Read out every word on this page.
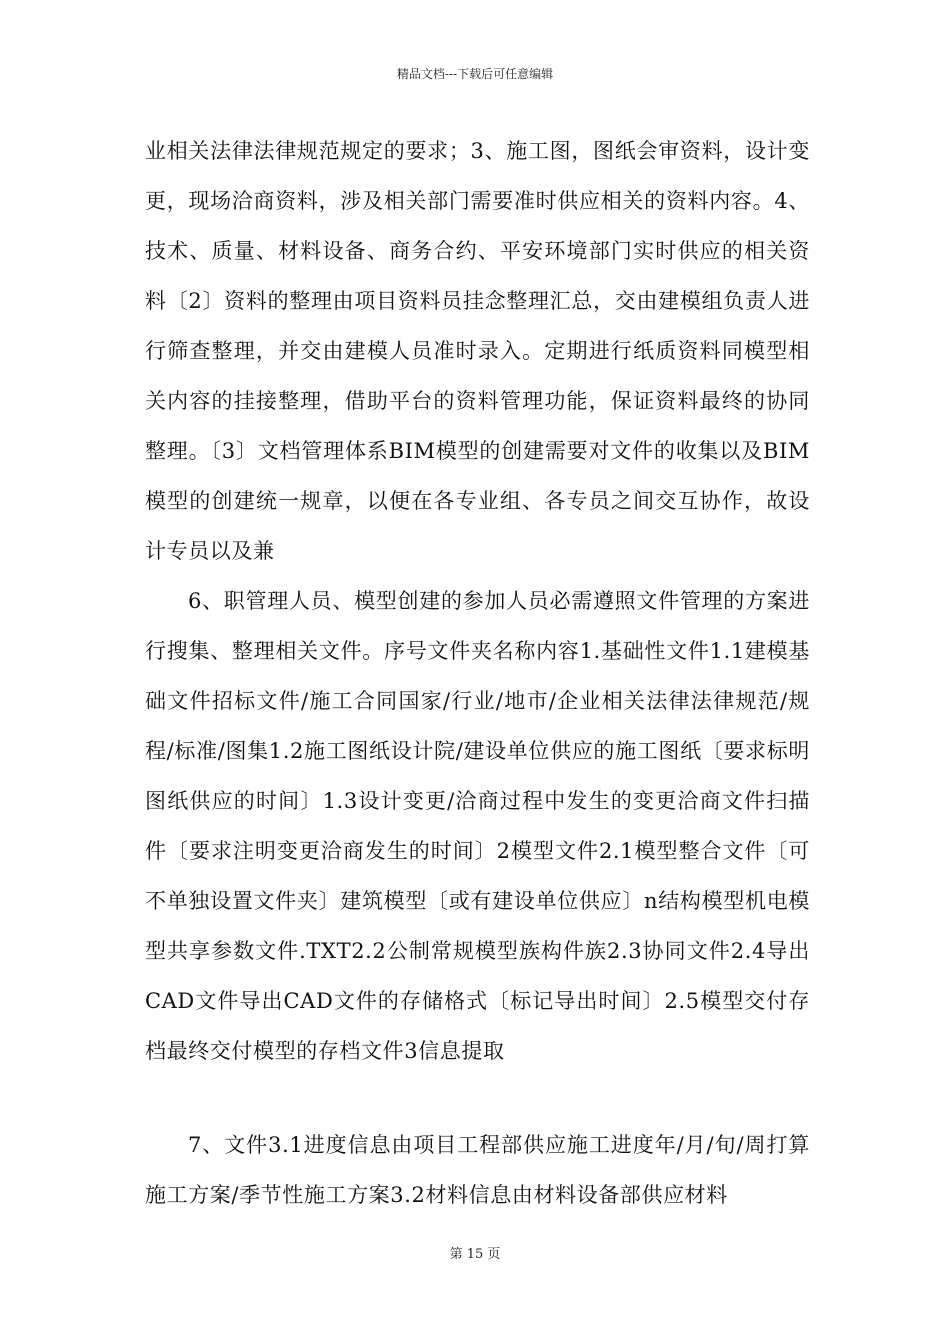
精品文档---下载后可任意编辑

业相关法律法律规范规定的要求；3、施工图，图纸会审资料，设计变更，现场洽商资料，涉及相关部门需要准时供应相关的资料内容。4、技术、质量、材料设备、商务合约、平安环境部门实时供应的相关资料〔2〕资料的整理由项目资料员挂念整理汇总，交由建模组负责人进行筛查整理，并交由建模人员准时录入。定期进行纸质资料同模型相关内容的挂接整理，借助平台的资料管理功能，保证资料最终的协同整理。〔3〕文档管理体系BIM模型的创建需要对文件的收集以及BIM模型的创建统一规章，以便在各专业组、各专员之间交互协作，故设计专员以及兼

6、职管理人员、模型创建的参加人员必需遵照文件管理的方案进行搜集、整理相关文件。序号文件夹名称内容1.基础性文件1.1建模基础文件招标文件/施工合同国家/行业/地市/企业相关法律法律规范/规程/标准/图集1.2施工图纸设计院/建设单位供应的施工图纸〔要求标明图纸供应的时间〕1.3设计变更/洽商过程中发生的变更洽商文件扫描件〔要求注明变更洽商发生的时间〕2模型文件2.1模型整合文件〔可不单独设置文件夹〕建筑模型〔或有建设单位供应〕n结构模型机电模型共享参数文件.TXT2.2公制常规模型族构件族2.3协同文件2.4导出CAD文件导出CAD文件的存储格式〔标记导出时间〕2.5模型交付存档最终交付模型的存档文件3信息提取

7、文件3.1进度信息由项目工程部供应施工进度年/月/旬/周打算施工方案/季节性施工方案3.2材料信息由材料设备部供应材料

第 15 页
